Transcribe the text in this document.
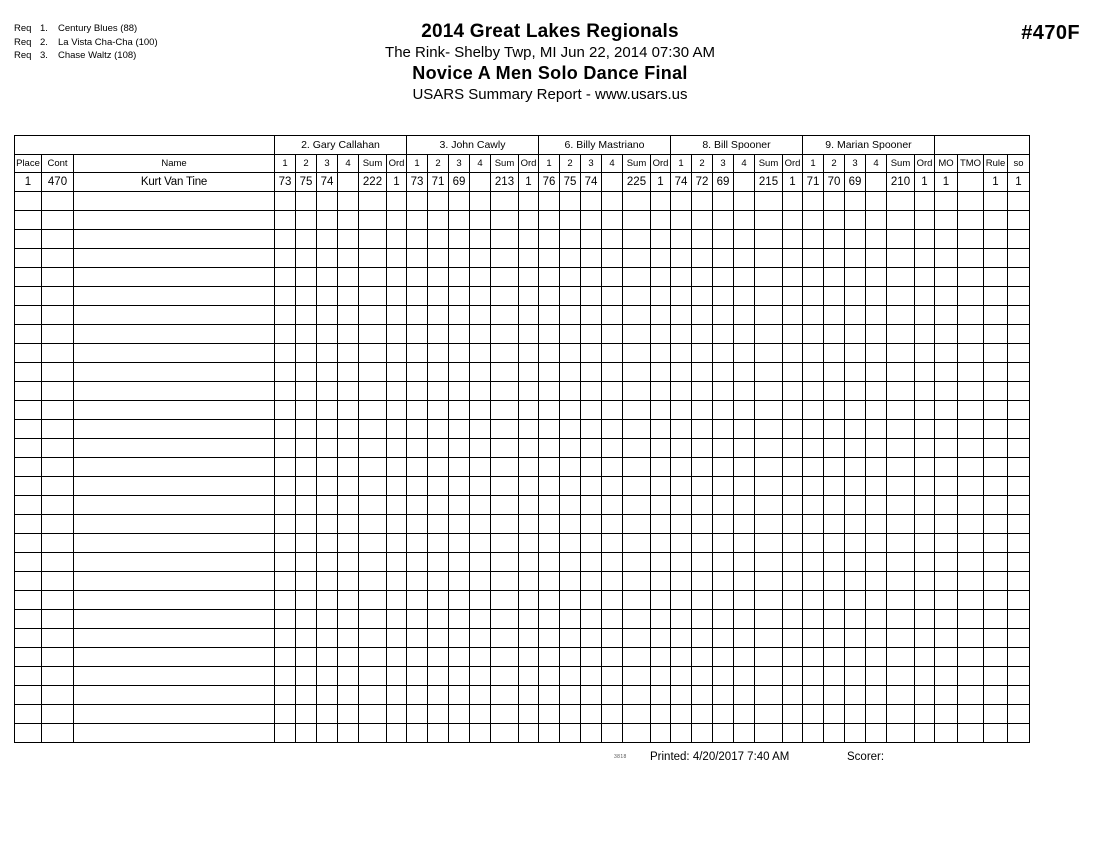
Req 1. Century Blues (88)
Req 2. La Vista Cha-Cha (100)
Req 3. Chase Waltz (108)
2014 Great Lakes Regionals
The Rink- Shelby Twp, MI Jun 22, 2014 07:30 AM
Novice A Men Solo Dance Final
USARS Summary Report - www.usars.us
#470F
			2. Gary Callahan						3. John Cawly						6. Billy Mastriano						8. Bill Spooner						9. Marian Spooner									
Place	Cont	Name	1	2	3	4	Sum	Ord	1	2	3	4	Sum	Ord	1	2	3	4	Sum	Ord	1	2	3	4	Sum	Ord	1	2	3	4	Sum	Ord	MO	TMO	Rule	so
1	470	Kurt Van Tine	73	75	74		222	1	73	71	69		213	1	76	75	74		225	1	74	72	69		215	1	71	70	69		210	1	1		1	1

3818 Printed: 4/20/2017 7:40 AM	Scorer:
